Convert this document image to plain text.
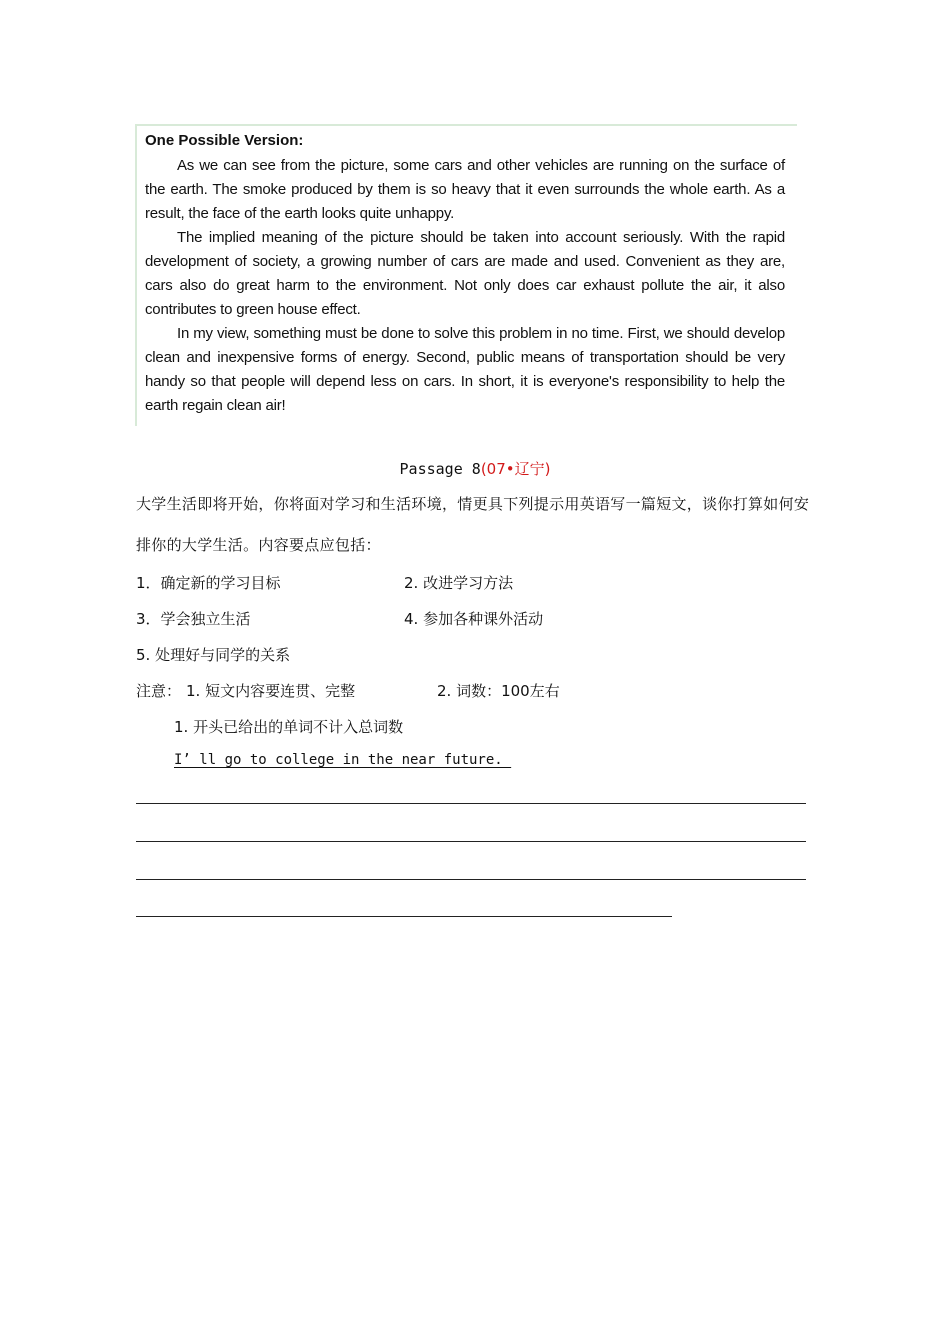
One Possible Version:

As we can see from the picture, some cars and other vehicles are running on the surface of the earth. The smoke produced by them is so heavy that it even surrounds the whole earth. As a result, the face of the earth looks quite unhappy.

The implied meaning of the picture should be taken into account seriously. With the rapid development of society, a growing number of cars are made and used. Convenient as they are, cars also do great harm to the environment. Not only does car exhaust pollute the air, it also contributes to green house effect.

In my view, something must be done to solve this problem in no time. First, we should develop clean and inexpensive forms of energy. Second, public means of transportation should be very handy so that people will depend less on cars. In short, it is everyone's responsibility to help the earth regain clean air!

Passage 8(07•辽宁)
大学生活即将开始，你将面对学习和生活环境，情更具下列提示用英语写一篇短文，谈你打算如何安排你的大学生活。内容要点应包括：
1．确定新的学习目标	2. 改进学习方法
3．学会独立生活	4. 参加各种课外活动
5. 处理好与同学的关系
注意： 1. 短文内容要连贯、完整	2. 词数：100左右
1. 开头已给出的单词不计入总词数
I’ ll go to college in the near future.
